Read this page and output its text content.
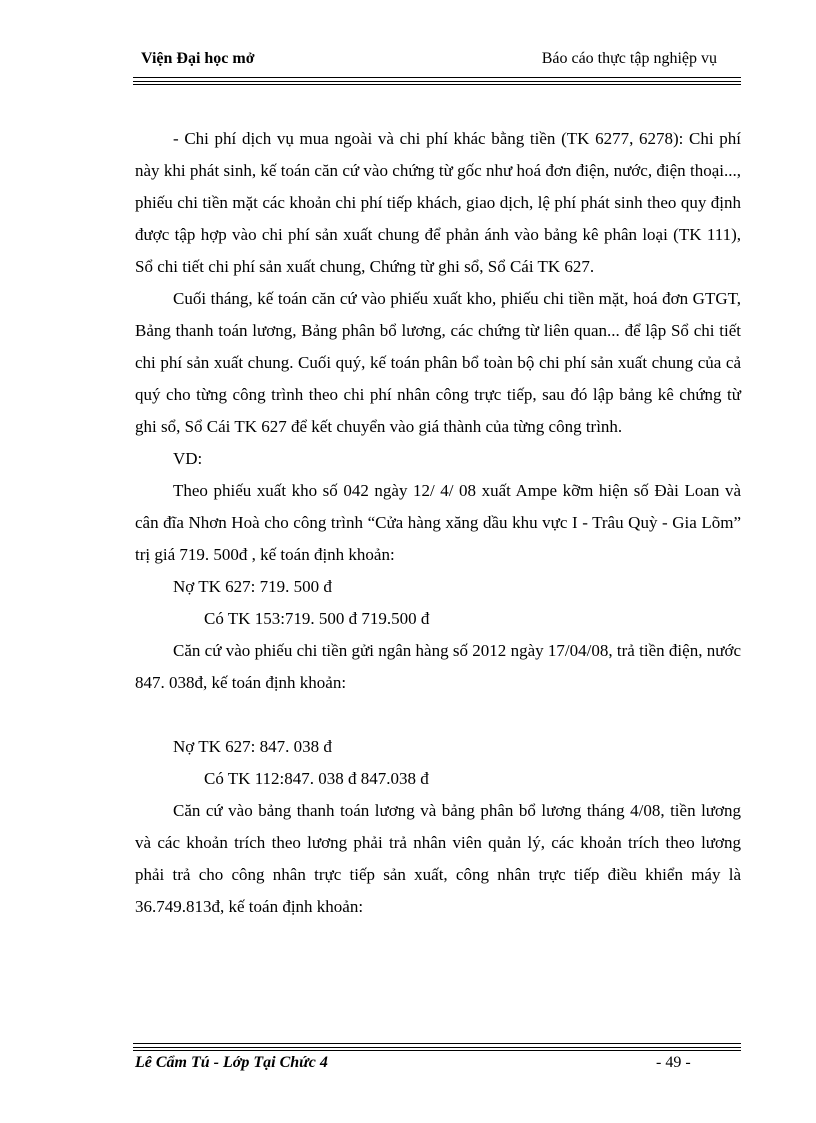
Viện Đại học mở	Báo cáo thực tập nghiệp vụ

- Chi phí dịch vụ mua ngoài và chi phí khác bằng tiền (TK 6277, 6278): Chi phí này khi phát sinh, kế toán căn cứ vào chứng từ gốc như hoá đơn điện, nước, điện thoại..., phiếu chi tiền mặt các khoản chi phí tiếp khách, giao dịch, lệ phí phát sinh theo quy định được tập hợp vào chi phí sản xuất chung để phản ánh vào bảng kê phân loại (TK 111), Sổ chi tiết chi phí sản xuất chung, Chứng từ ghi sổ, Sổ Cái TK 627.

Cuối tháng, kế toán căn cứ vào phiếu xuất kho, phiếu chi tiền mặt, hoá đơn GTGT, Bảng thanh toán lương, Bảng phân bổ lương, các chứng từ liên quan... để lập Sổ chi tiết chi phí sản xuất chung. Cuối quý, kế toán phân bổ toàn bộ chi phí sản xuất chung của cả quý cho từng công trình theo chi phí nhân công trực tiếp, sau đó lập bảng kê chứng từ ghi sổ, Sổ Cái TK 627 để kết chuyển vào giá thành của từng công trình.

VD:

Theo phiếu xuất kho số 042 ngày 12/ 4/ 08 xuất Ampe kỡm hiện số Đài Loan và cân đĩa Nhơn Hoà cho công trình “Cửa hàng xăng dầu khu vực I - Trâu Quỳ - Gia Lõm” trị giá 719. 500đ , kế toán định khoản:

Nợ TK 627: 719. 500 đ

Có TK 153:719. 500 đ 719.500 đ

Căn cứ vào phiếu chi tiền gửi ngân hàng số 2012 ngày 17/04/08, trả tiền điện, nước 847. 038đ, kế toán định khoản:

Nợ TK 627: 847. 038 đ

Có TK 112:847. 038 đ 847.038 đ

Căn cứ vào bảng thanh toán lương và bảng phân bổ lương tháng 4/08, tiền lương và các khoản trích theo lương phải trả nhân viên quản lý, các khoản trích theo lương phải trả cho công nhân trực tiếp sản xuất, công nhân trực tiếp điều khiển máy là 36.749.813đ, kế toán định khoản:

Lê Cẩm Tú - Lớp Tại Chức 4	- 49 -
